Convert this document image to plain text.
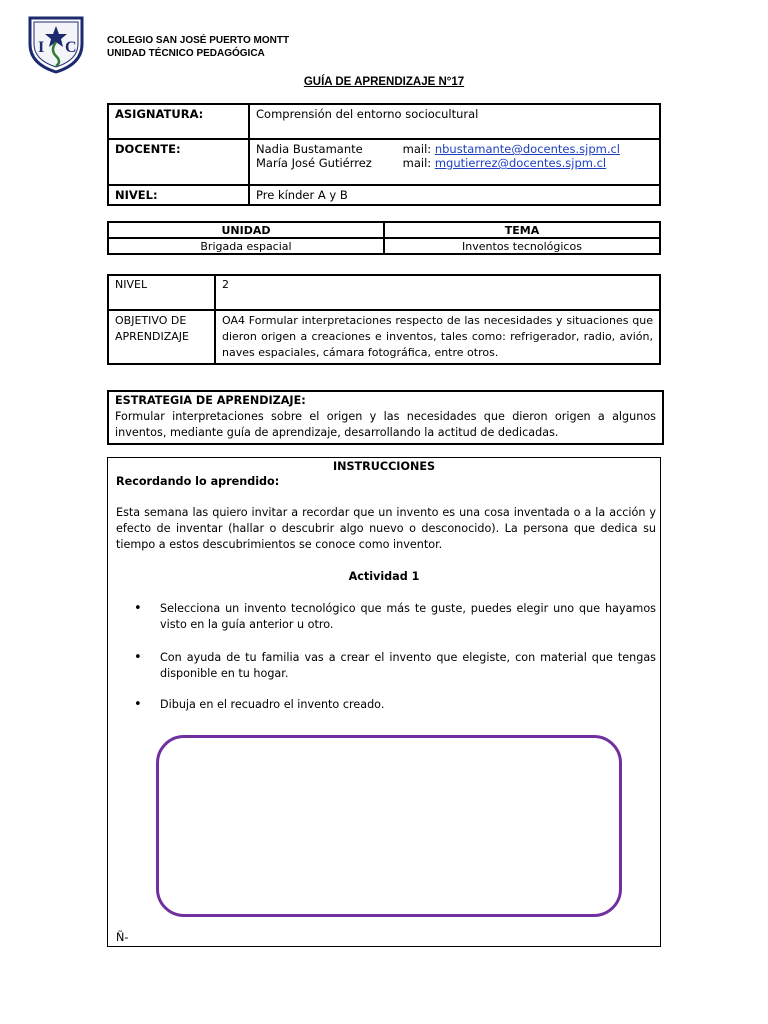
I C	COLEGIO SAN JOSÉ PUERTO MONTT
UNIDAD TÉCNICO PEDAGÓGICA
GUÍA DE APRENDIZAJE N°17
ASIGNATURA:	Comprensión del entorno sociocultural
DOCENTE:	Nadia Bustamante mail: nbustamante@docentes.sjpm.cl
María José Gutiérrez mail: mgutierrez@docentes.sjpm.cl

NIVEL:	Pre kínder A y B
UNIDAD	TEMA
Brigada espacial	Inventos tecnológicos
NIVEL	2
OBJETIVO DE APRENDIZAJE	OA4 Formular interpretaciones respecto de las necesidades y situaciones que dieron origen a creaciones e inventos, tales como: refrigerador, radio, avión, naves espaciales, cámara fotográfica, entre otros.
ESTRATEGIA DE APRENDIZAJE:
Formular interpretaciones sobre el origen y las necesidades que dieron origen a algunos inventos, mediante guía de aprendizaje, desarrollando la actitud de dedicadas.
INSTRUCCIONES
Recordando lo aprendido:
Esta semana las quiero invitar a recordar que un invento es una cosa inventada o a la acción y efecto de inventar (hallar o descubrir algo nuevo o desconocido). La persona que dedica su tiempo a estos descubrimientos se conoce como inventor.
Actividad 1
• Selecciona un invento tecnológico que más te guste, puedes elegir uno que hayamos visto en la guía anterior u otro.
• Con ayuda de tu familia vas a crear el invento que elegiste, con material que tengas disponible en tu hogar.
• Dibuja en el recuadro el invento creado.
Ñ-
